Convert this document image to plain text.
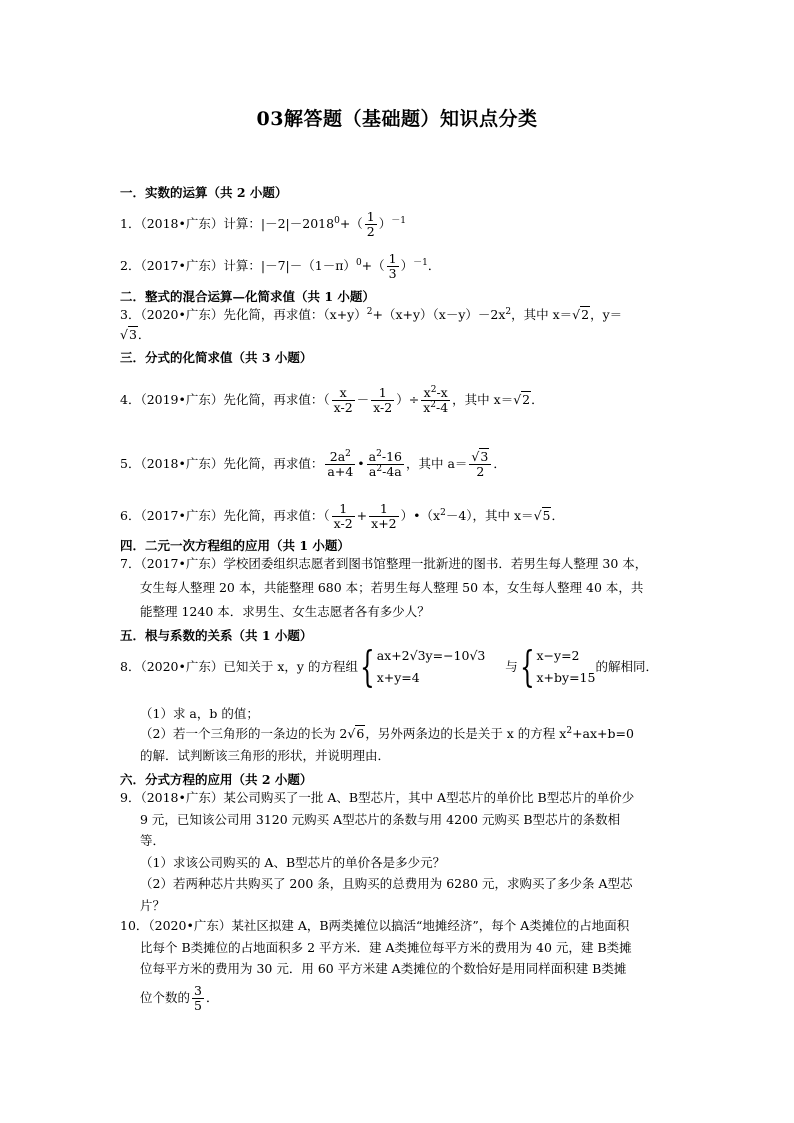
03解答题（基础题）知识点分类
一．实数的运算（共 2 小题）
1．（2018•广东）计算：$|-2|-2018^0+( \frac{1}{2} )^{-1}$
2．（2017•广东）计算：$|-7|-(1-\pi)^0+( \frac{1}{3} )^{-1}$．
二．整式的混合运算—化简求值（共 1 小题）
3．（2020•广东）先化简，再求值：$(x+y)^2+(x+y)(x-y)-2x^2$，其中 x＝√2，y＝
√3．
三．分式的化简求值（共 3 小题）
4．（2019•广东）先化简，再求值：（ $\frac{x}{x-2} - \frac{1}{x-2}$ ）÷ $\frac{x^2-x}{x^2-4}$ ，其中 x＝√2．
5．（2018•广东）先化简，再求值： $\frac{2a^2}{a+4}$ • $\frac{a^2-16}{a^2-4a}$ ，其中 $a= \frac{√3}{2}$ ．
6．（2017•广东）先化简，再求值：（ $\frac{1}{x-2} + \frac{1}{x+2}$ ）$•(x^2-4)$，其中 x＝√5．
四．二元一次方程组的应用（共 1 小题）
7．（2017•广东）学校团委组织志愿者到图书馆整理一批新进的图书．若男生每人整理 30 本，
女生每人整理 20 本，共能整理 680 本；若男生每人整理 50 本，女生每人整理 40 本，共
能整理 1240 本．求男生、女生志愿者各有多少人？
五．根与系数的关系（共 1 小题）
8．（2020•广东）已知关于 x，y 的方程组{ ax+2√3y=−10√3
x+y=4
与{ x−y=2
x+by=15
的解相同．
（1）求 a，b 的值；
（2）若一个三角形的一条边的长为 2√6，另外两条边的长是关于 x 的方程 $x^2+ax+b=0$
的解．试判断该三角形的形状，并说明理由．
六．分式方程的应用（共 2 小题）
9．（2018•广东）某公司购买了一批 A、B型芯片，其中 A型芯片的单价比 B型芯片的单价少
9 元，已知该公司用 3120 元购买 A型芯片的条数与用 4200 元购买 B型芯片的条数相
等．
（1）求该公司购买的 A、B型芯片的单价各是多少元？
（2）若两种芯片共购买了 200 条，且购买的总费用为 6280 元，求购买了多少条 A型芯
片？
10．（2020•广东）某社区拟建 A，B两类摊位以搞活“地摊经济”，每个 A类摊位的占地面积
比每个 B类摊位的占地面积多 2 平方米．建 A类摊位每平方米的费用为 40 元，建 B类摊
位每平方米的费用为 30 元．用 60 平方米建 A类摊位的个数恰好是用同样面积建 B类摊
位个数的 $\frac{3}{5}$ ．
